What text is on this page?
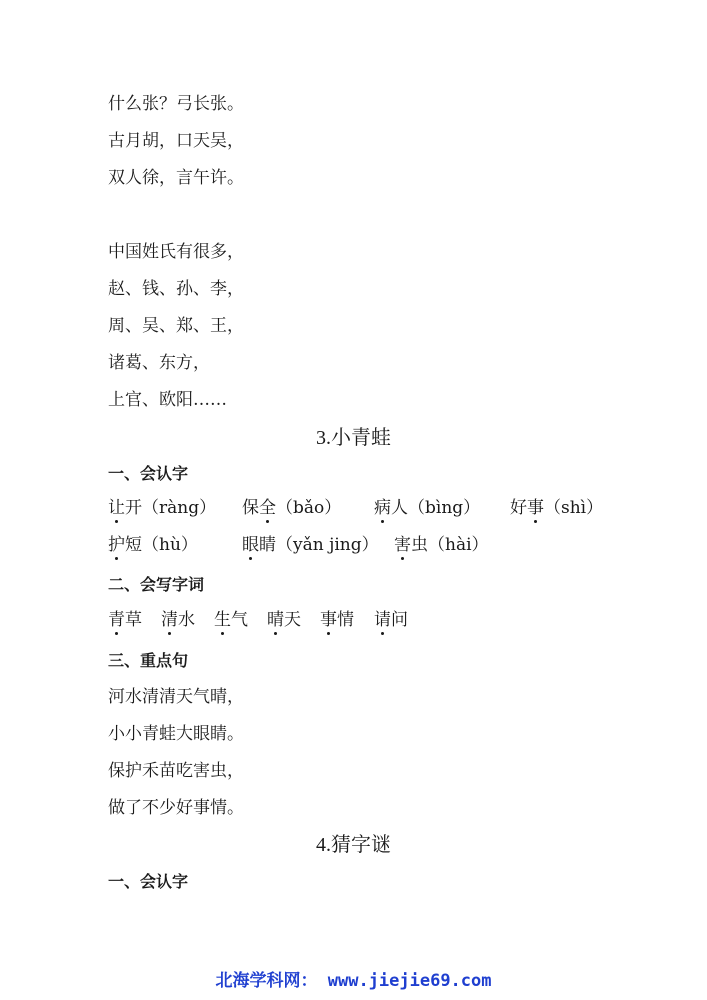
什么张？弓长张。
古月胡，口天吴，
双人徐，言午许。
中国姓氏有很多，
赵、钱、孙、李，
周、吴、郑、王，
诸葛、东方，
上官、欧阳……
3.小青蛙
一、会认字
让开（ràng） 保全（bǎo） 病人（bìng） 好事（shì）
护短（hù）	眼睛（yǎn jing） 害虫（hài）
二、会写字词
青草 清水 生气 晴天 事情 请问
三、重点句
河水清清天气晴，
小小青蛙大眼睛。
保护禾苗吃害虫，
做了不少好事情。
4.猜字谜
一、会认字
北海学科网： www.jiejie69.com
